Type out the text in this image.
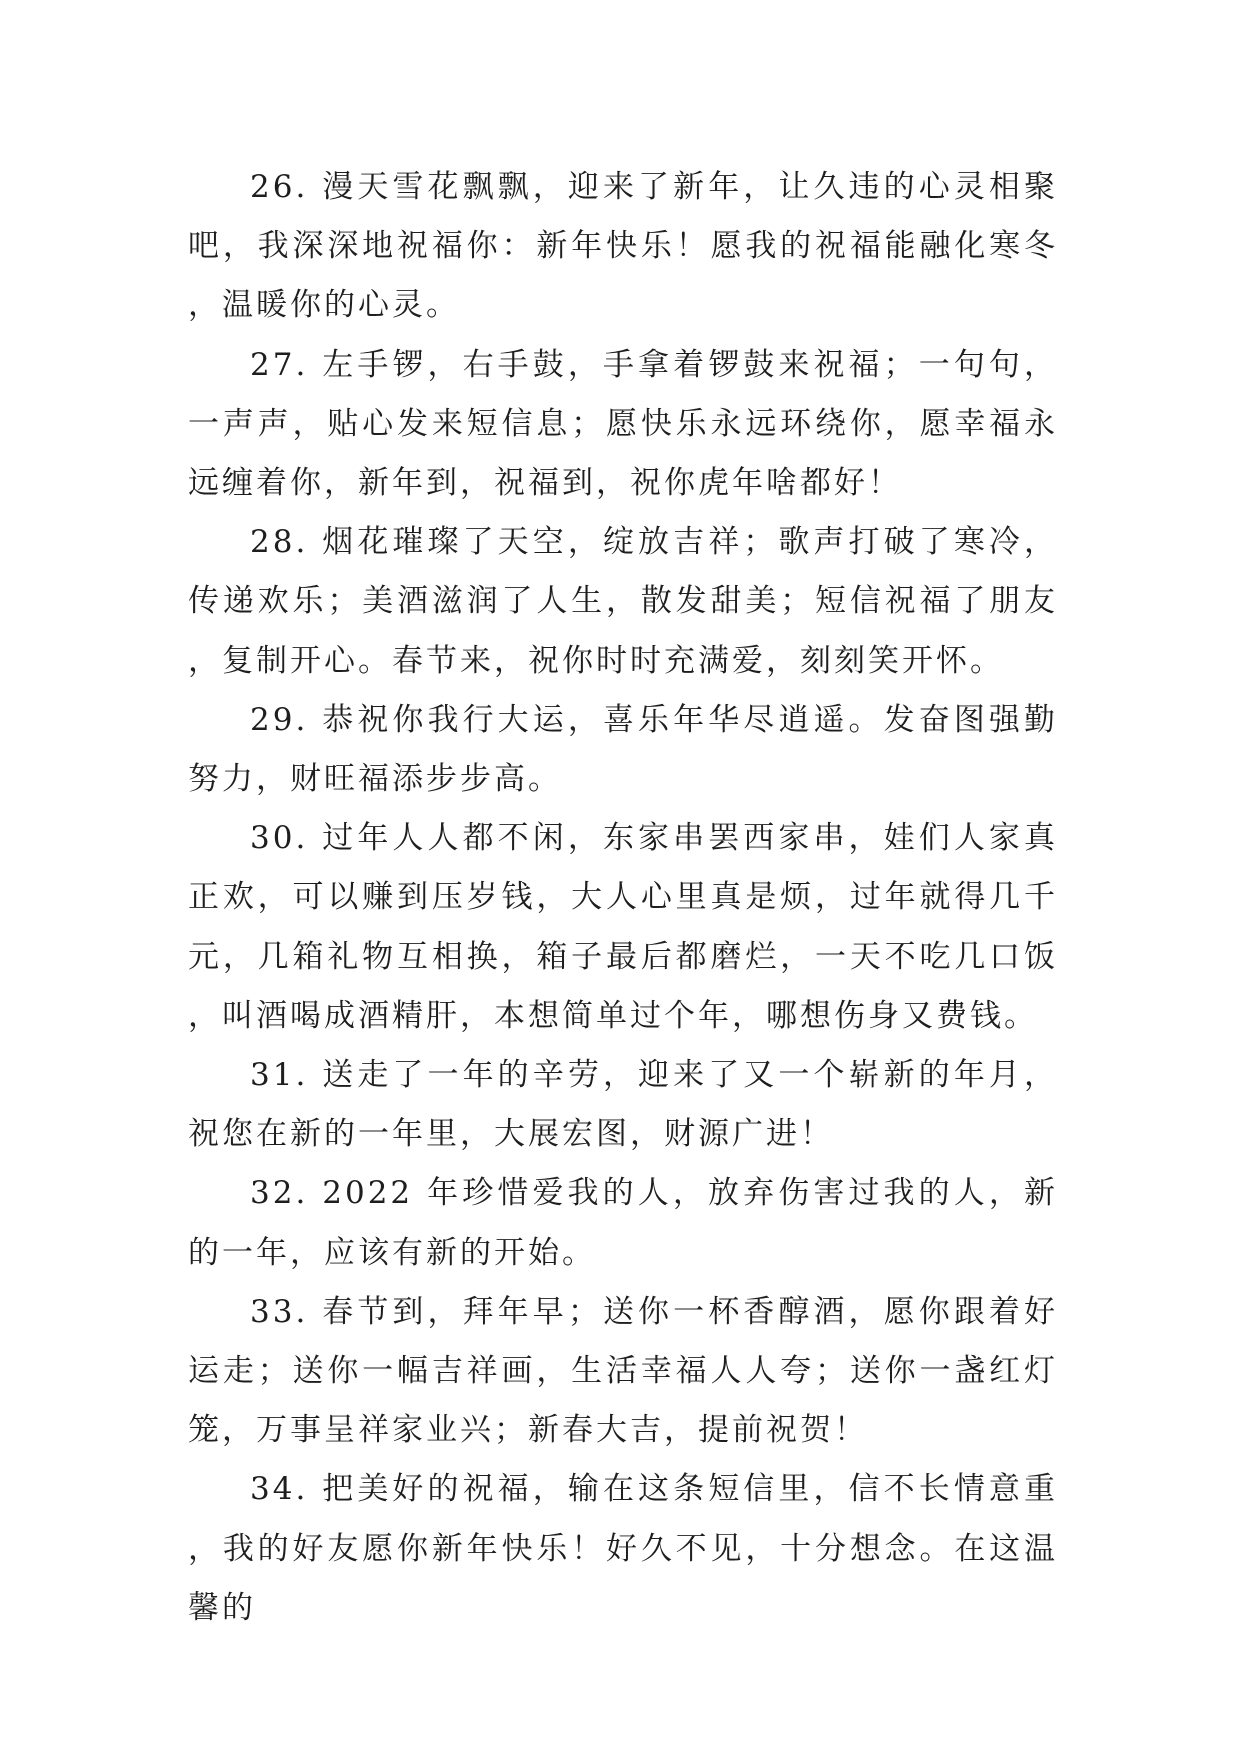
26. 漫天雪花飘飘，迎来了新年，让久违的心灵相聚吧，我深深地祝福你：新年快乐！愿我的祝福能融化寒冬，温暖你的心灵。

27. 左手锣，右手鼓，手拿着锣鼓来祝福；一句句，一声声，贴心发来短信息；愿快乐永远环绕你，愿幸福永远缠着你，新年到，祝福到，祝你虎年啥都好！

28. 烟花璀璨了天空，绽放吉祥；歌声打破了寒冷，传递欢乐；美酒滋润了人生，散发甜美；短信祝福了朋友，复制开心。春节来，祝你时时充满爱，刻刻笑开怀。

29. 恭祝你我行大运，喜乐年华尽逍遥。发奋图强勤努力，财旺福添步步高。

30. 过年人人都不闲，东家串罢西家串，娃们人家真正欢，可以赚到压岁钱，大人心里真是烦，过年就得几千元，几箱礼物互相换，箱子最后都磨烂，一天不吃几口饭，叫酒喝成酒精肝，本想简单过个年，哪想伤身又费钱。

31. 送走了一年的辛劳，迎来了又一个崭新的年月，祝您在新的一年里，大展宏图，财源广进！

32. 2022 年珍惜爱我的人，放弃伤害过我的人，新的一年，应该有新的开始。

33. 春节到，拜年早；送你一杯香醇酒，愿你跟着好运走；送你一幅吉祥画，生活幸福人人夸；送你一盏红灯笼，万事呈祥家业兴；新春大吉，提前祝贺！

34. 把美好的祝福，输在这条短信里，信不长情意重，我的好友愿你新年快乐！好久不见，十分想念。在这温馨的
